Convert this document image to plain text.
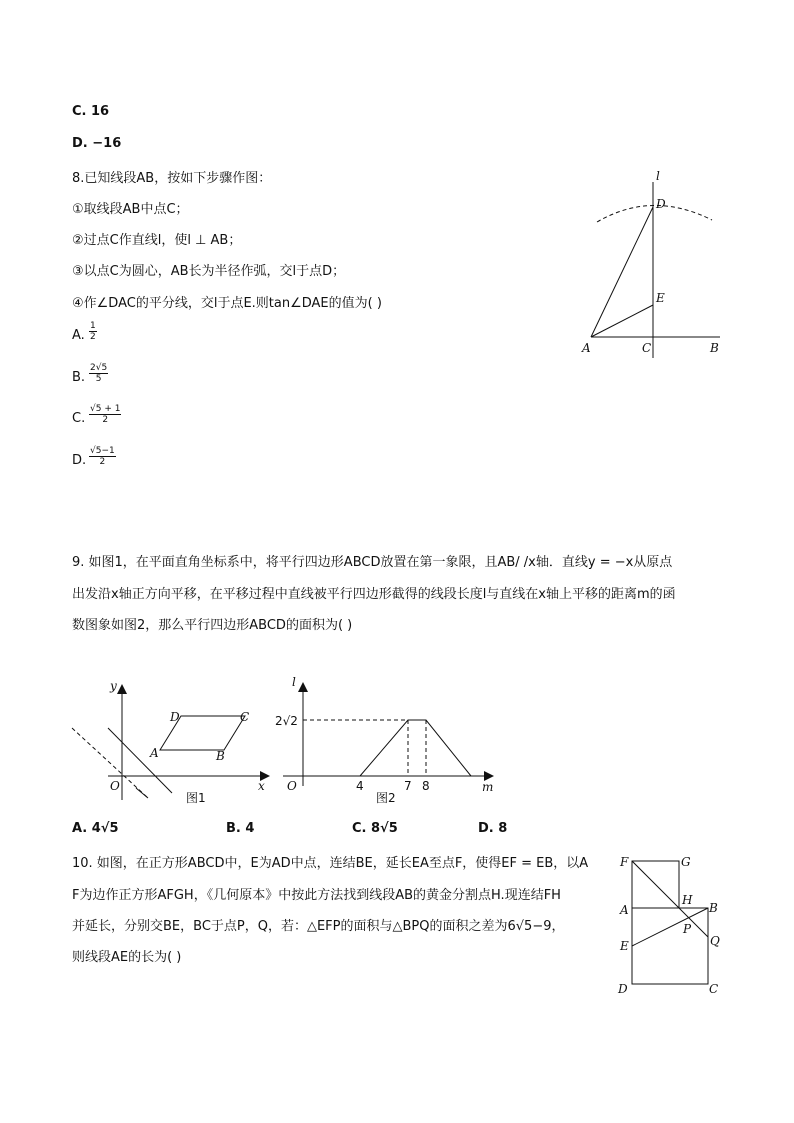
C. 16
D. −16
8.已知线段AB，按如下步骤作图：
①取线段AB中点C；
②过点C作直线l，使l ⊥ AB；
③以点C为圆心，AB长为半径作弧，交l于点D；
④作∠DAC的平分线，交l于点E.则tan∠DAE的值为( )
A. $\frac{1}{2}$
B. $\frac{2√5}{5}$
C. $\frac{√5 + 1}{2}$
D. $\frac{√5-1}{2}$
l
D
E
A	C	B
9. 如图1，在平面直角坐标系中，将平行四边形ABCD放置在第一象限，且AB/ /x轴．直线y = −x从原点
出发沿x轴正方向平移，在平移过程中直线被平行四边形截得的线段长度l与直线在x轴上平移的距离m的函
数图象如图2，那么平行四边形ABCD的面积为( )
y
x
O
A	B
C
D
图1
l
O	m
2√2
4	7 8
图2
A. 4√5	B. 4	C. 8√5	D. 8
10. 如图，在正方形ABCD中，E为AD中点，连结BE，延长EA至点F，使得EF = EB，以A
F为边作正方形AFGH，《几何原本》中按此方法找到线段AB的黄金分割点H.现连结FH
并延长，分别交BE，BC于点P，Q，若：△EFP的面积与△BPQ的面积之差为6√5−9，
则线段AE的长为( )
F	G
A
H
B
P
Q
E
D	C
